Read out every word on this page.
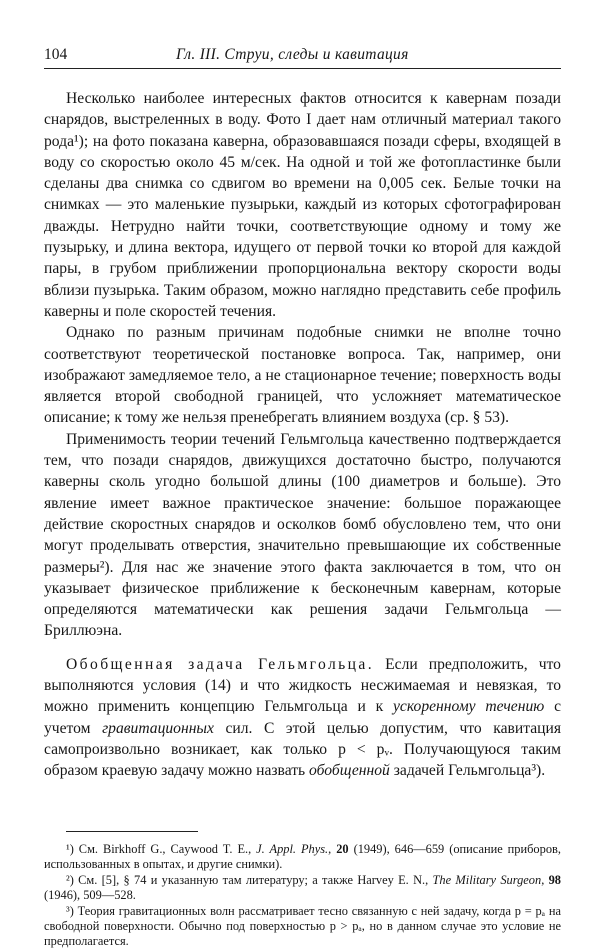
104	Гл. III. Струи, следы и кавитация

Несколько наиболее интересных фактов относится к кавернам позади снарядов, выстреленных в воду. Фото I дает нам отличный материал такого рода¹); на фото показана каверна, образовавшаяся позади сферы, входящей в воду со скоростью около 45 м/сек. На одной и той же фотопластинке были сделаны два снимка со сдвигом во времени на 0,005 сек. Белые точки на снимках — это маленькие пузырьки, каждый из которых сфотографирован дважды. Нетрудно найти точки, соответствующие одному и тому же пузырьку, и длина вектора, идущего от первой точки ко второй для каждой пары, в грубом приближении пропорциональна вектору скорости воды вблизи пузырька. Таким образом, можно наглядно представить себе профиль каверны и поле скоростей течения.

Однако по разным причинам подобные снимки не вполне точно соответствуют теоретической постановке вопроса. Так, например, они изображают замедляемое тело, а не стационарное течение; поверхность воды является второй свободной границей, что усложняет математическое описание; к тому же нельзя пренебрегать влиянием воздуха (ср. § 53).

Применимость теории течений Гельмгольца качественно подтверждается тем, что позади снарядов, движущихся достаточно быстро, получаются каверны сколь угодно большой длины (100 диаметров и больше). Это явление имеет важное практическое значение: большое поражающее действие скоростных снарядов и осколков бомб обусловлено тем, что они могут проделывать отверстия, значительно превышающие их собственные размеры²). Для нас же значение этого факта заключается в том, что он указывает физическое приближение к бесконечным кавернам, которые определяются математически как решения задачи Гельмгольца — Бриллюэна.

Обобщенная задача Гельмгольца. Если предположить, что выполняются условия (14) и что жидкость несжимаемая и невязкая, то можно применить концепцию Гельмгольца и к ускоренному течению с учетом гравитационных сил. С этой целью допустим, что кавитация самопроизвольно возникает, как только p < pᵥ. Получающуюся таким образом краевую задачу можно назвать обобщенной задачей Гельмгольца³).

¹) См. Birkhoff G., Caywood T. E., J. Appl. Phys., 20 (1949), 646—659 (описание приборов, использованных в опытах, и другие снимки).

²) См. [5], § 74 и указанную там литературу; а также Harvey E. N., The Military Surgeon, 98 (1946), 509—528.

³) Теория гравитационных волн рассматривает тесно связанную с ней задачу, когда p = pₐ на свободной поверхности. Обычно под поверхностью p > pₐ, но в данном случае это условие не предполагается.
